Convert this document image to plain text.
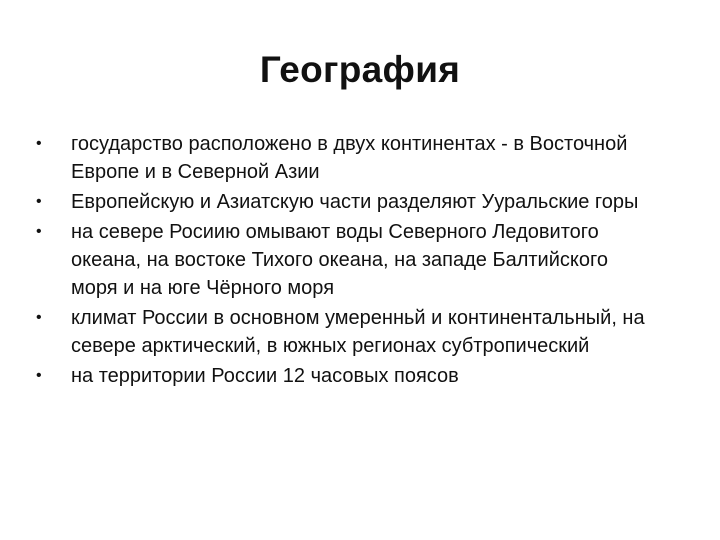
География
•	государство расположено в двух континентах - в Восточной Европе и в Северной Азии
•	Европейскую и Азиатскую части разделяют Ууральские горы
•	на севере Росиию омывают воды Северного Ледовитого океана, на востоке Тихого океана, на западе Балтийского моря и на юге Чёрного моря
•	климат России в основном умеренньй и континентальный, на севере арктический, в южных регионах субтропический
•	на территории России 12 часовых поясов
